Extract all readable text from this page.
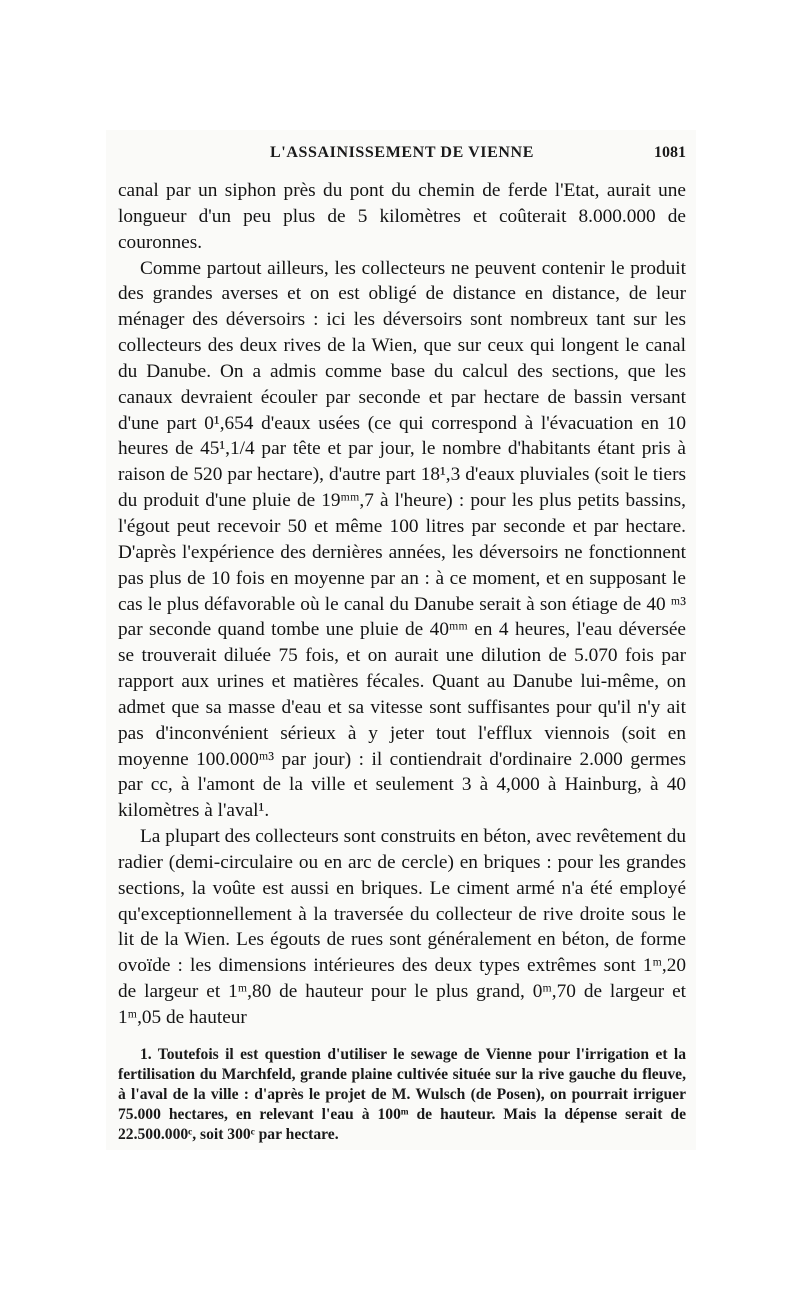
L'ASSAINISSEMENT DE VIENNE	1081

canal par un siphon près du pont du chemin de ferde l'Etat, aurait une longueur d'un peu plus de 5 kilomètres et coûterait 8.000.000 de couronnes.

Comme partout ailleurs, les collecteurs ne peuvent contenir le produit des grandes averses et on est obligé de distance en distance, de leur ménager des déversoirs : ici les déversoirs sont nombreux tant sur les collecteurs des deux rives de la Wien, que sur ceux qui longent le canal du Danube. On a admis comme base du calcul des sections, que les canaux devraient écouler par seconde et par hectare de bassin versant d'une part 0¹,654 d'eaux usées (ce qui correspond à l'évacuation en 10 heures de 45¹,1/4 par tête et par jour, le nombre d'habitants étant pris à raison de 520 par hectare), d'autre part 18¹,3 d'eaux pluviales (soit le tiers du produit d'une pluie de 19ᵐᵐ,7 à l'heure) : pour les plus petits bassins, l'égout peut recevoir 50 et même 100 litres par seconde et par hectare. D'après l'expérience des dernières années, les déversoirs ne fonctionnent pas plus de 10 fois en moyenne par an : à ce moment, et en supposant le cas le plus défavorable où le canal du Danube serait à son étiage de 40 ᵐ³ par seconde quand tombe une pluie de 40ᵐᵐ en 4 heures, l'eau déversée se trouverait diluée 75 fois, et on aurait une dilution de 5.070 fois par rapport aux urines et matières fécales. Quant au Danube lui-même, on admet que sa masse d'eau et sa vitesse sont suffisantes pour qu'il n'y ait pas d'inconvénient sérieux à y jeter tout l'efflux viennois (soit en moyenne 100.000ᵐ³ par jour) : il contiendrait d'ordinaire 2.000 germes par cc, à l'amont de la ville et seulement 3 à 4,000 à Hainburg, à 40 kilomètres à l'aval¹.

La plupart des collecteurs sont construits en béton, avec revêtement du radier (demi-circulaire ou en arc de cercle) en briques : pour les grandes sections, la voûte est aussi en briques. Le ciment armé n'a été employé qu'exceptionnellement à la traversée du collecteur de rive droite sous le lit de la Wien. Les égouts de rues sont généralement en béton, de forme ovoïde : les dimensions intérieures des deux types extrêmes sont 1ᵐ,20 de largeur et 1ᵐ,80 de hauteur pour le plus grand, 0ᵐ,70 de largeur et 1ᵐ,05 de hauteur

1. Toutefois il est question d'utiliser le sewage de Vienne pour l'irrigation et la fertilisation du Marchfeld, grande plaine cultivée située sur la rive gauche du fleuve, à l'aval de la ville : d'après le projet de M. Wulsch (de Posen), on pourrait irriguer 75.000 hectares, en relevant l'eau à 100ᵐ de hauteur. Mais la dépense serait de 22.500.000ᶜ, soit 300ᶜ par hectare.
